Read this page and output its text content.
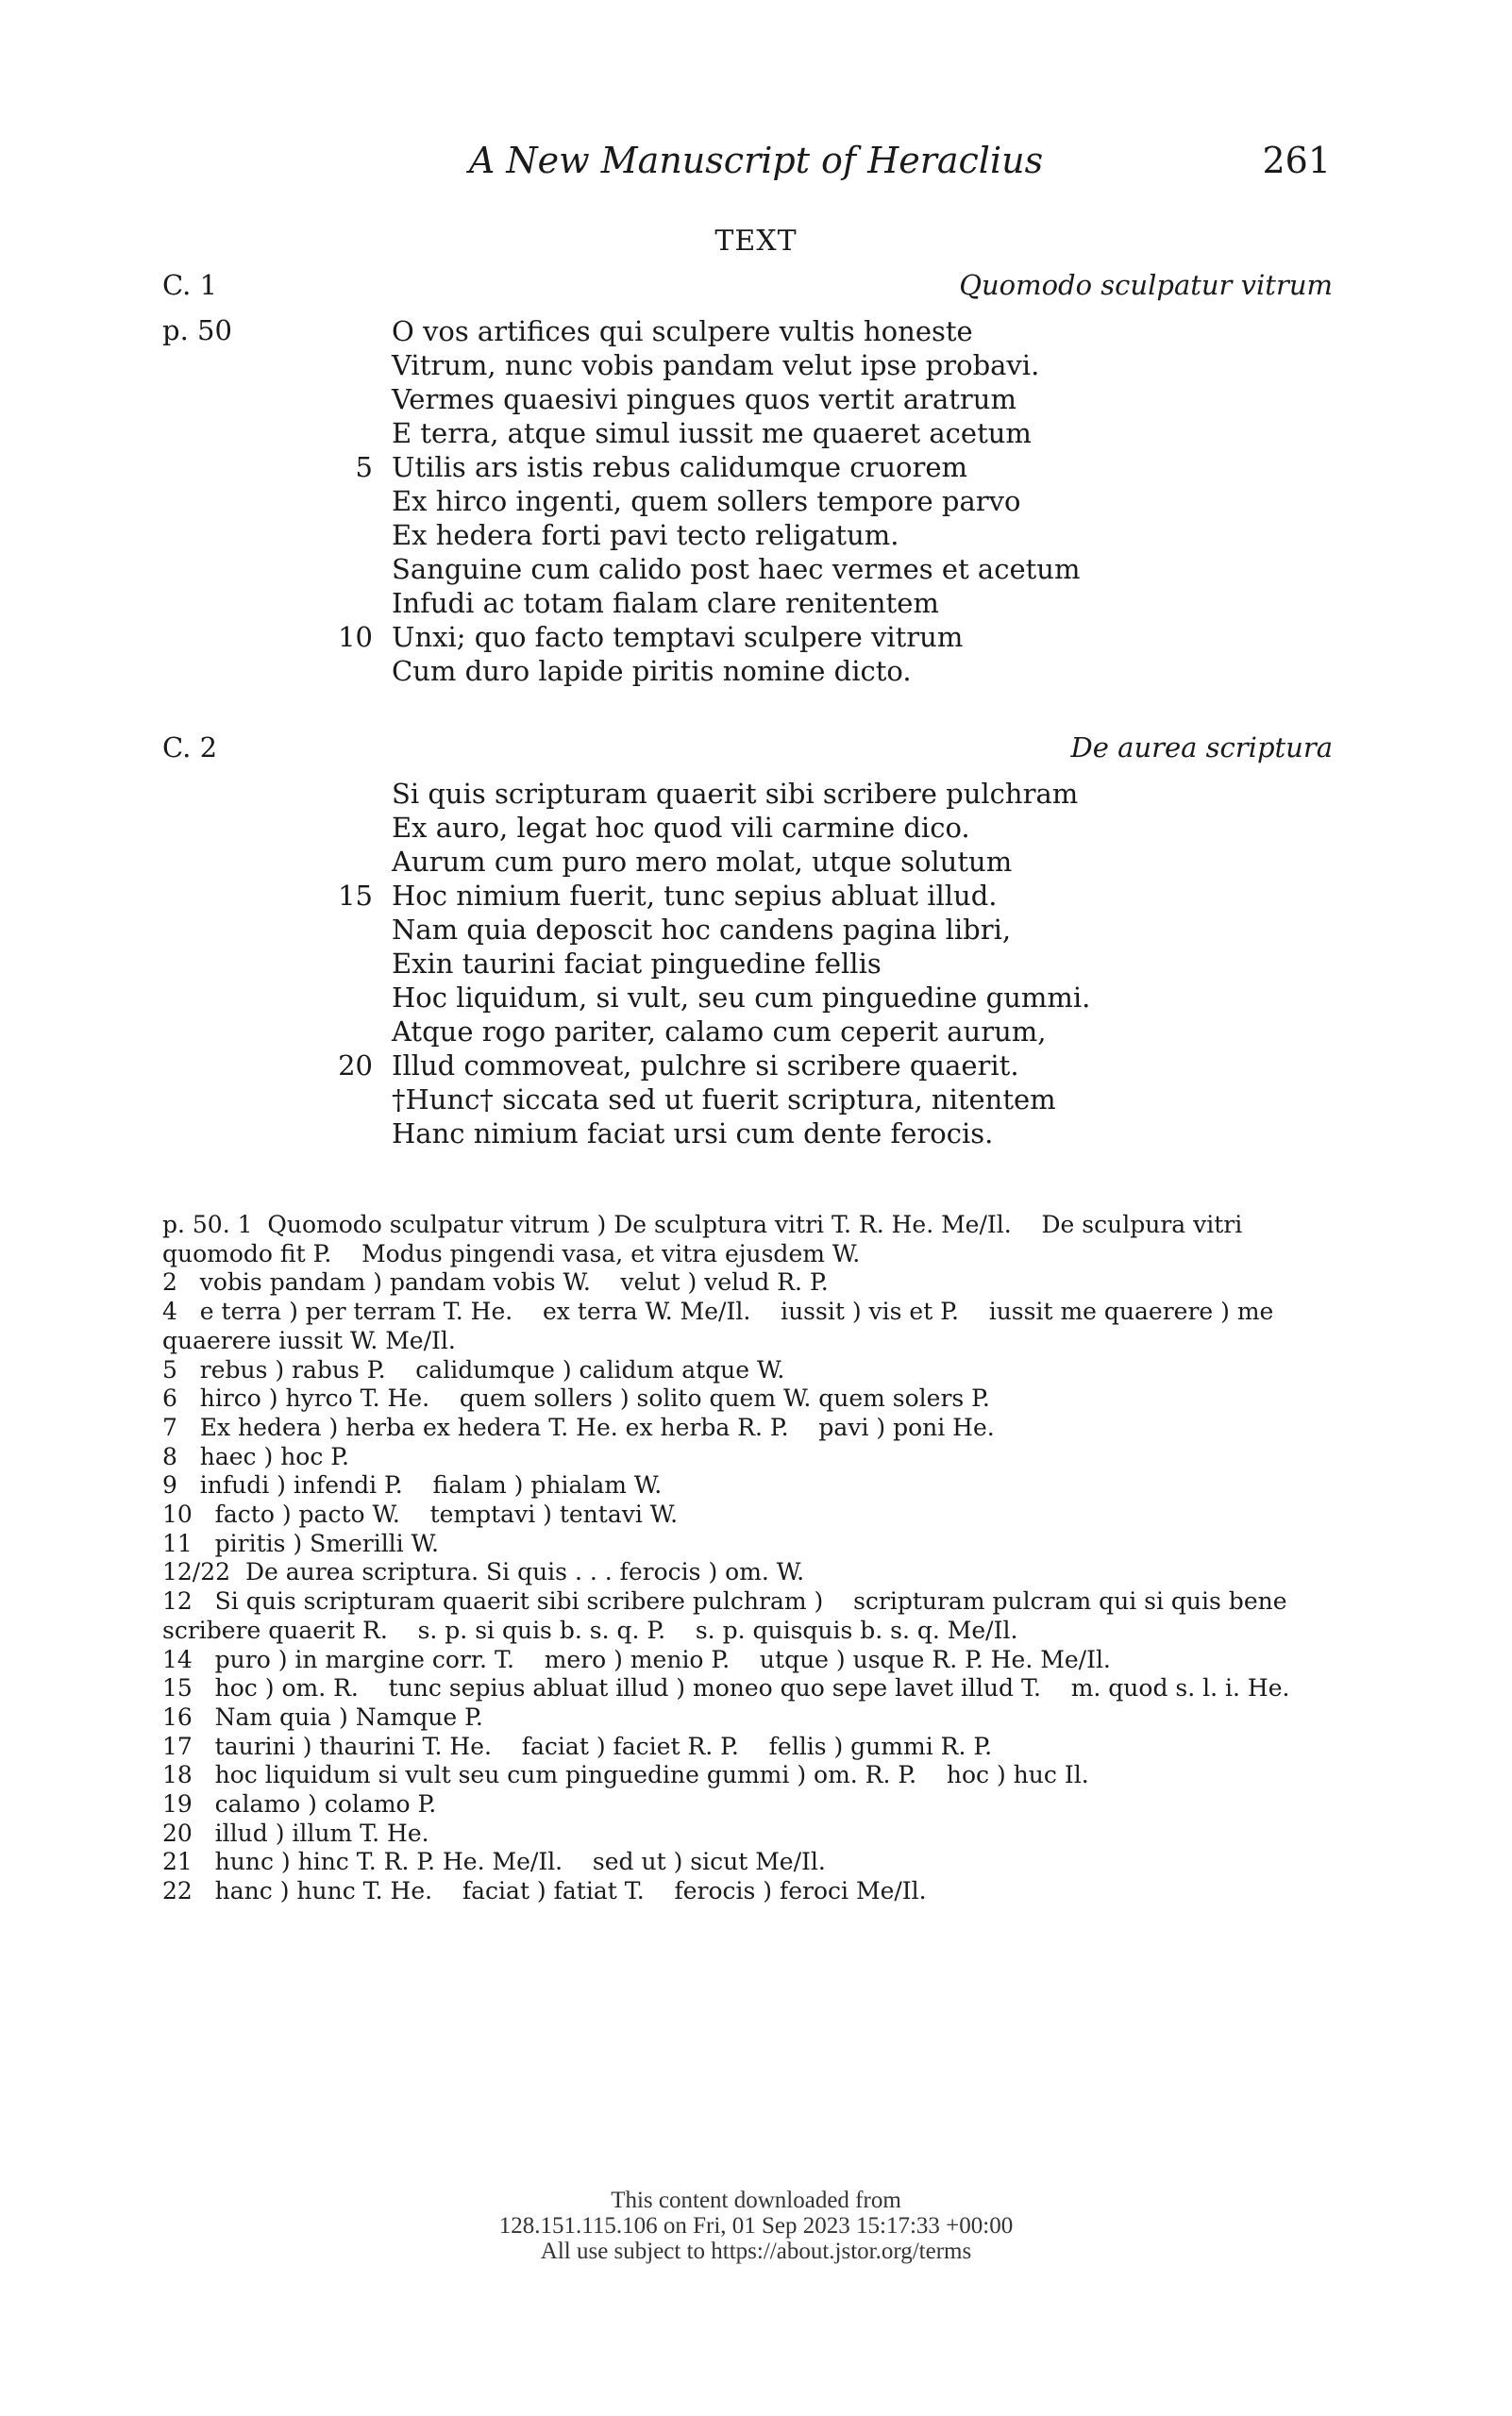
A New Manuscript of Heraclius	261
TEXT
C. 1	Quomodo sculpatur vitrum
p. 50	O vos artifices qui sculpere vultis honeste
Vitrum, nunc vobis pandam velut ipse probavi.
Vermes quaesivi pingues quos vertit aratrum
E terra, atque simul iussit me quaeret acetum
5 Utilis ars istis rebus calidumque cruorem
Ex hirco ingenti, quem sollers tempore parvo
Ex hedera forti pavi tecto religatum.
Sanguine cum calido post haec vermes et acetum
Infudi ac totam fialam clare renitentem
10 Unxi; quo facto temptavi sculpere vitrum
Cum duro lapide piritis nomine dicto.
C. 2	De aurea scriptura
Si quis scripturam quaerit sibi scribere pulchram
Ex auro, legat hoc quod vili carmine dico.
Aurum cum puro mero molat, utque solutum
15 Hoc nimium fuerit, tunc sepius abluat illud.
Nam quia deposcit hoc candens pagina libri,
Exin taurini faciat pinguedine fellis
Hoc liquidum, si vult, seu cum pinguedine gummi.
Atque rogo pariter, calamo cum ceperit aurum,
20 Illud commoveat, pulchre si scribere quaerit.
†Hunc† siccata sed ut fuerit scriptura, nitentem
Hanc nimium faciat ursi cum dente ferocis.
p. 50. 1  Quomodo sculpatur vitrum ) De sculptura vitri T. R. He. Me/Il.    De sculpura vitri
quomodo fit P.    Modus pingendi vasa, et vitra ejusdem W.
2   vobis pandam ) pandam vobis W.    velut ) velud R. P.
4   e terra ) per terram T. He.    ex terra W. Me/Il.    iussit ) vis et P.    iussit me quaerere ) me
quaerere iussit W. Me/Il.
5   rebus ) rabus P.    calidumque ) calidum atque W.
6   hirco ) hyrco T. He.    quem sollers ) solito quem W. quem solers P.
7   Ex hedera ) herba ex hedera T. He. ex herba R. P.    pavi ) poni He.
8   haec ) hoc P.
9   infudi ) infendi P.    fialam ) phialam W.
10   facto ) pacto W.    temptavi ) tentavi W.
11   piritis ) Smerilli W.
12/22  De aurea scriptura. Si quis . . . ferocis ) om. W.
12   Si quis scripturam quaerit sibi scribere pulchram )    scripturam pulcram qui si quis bene
scribere quaerit R.    s. p. si quis b. s. q. P.    s. p. quisquis b. s. q. Me/Il.
14   puro ) in margine corr. T.    mero ) menio P.    utque ) usque R. P. He. Me/Il.
15   hoc ) om. R.    tunc sepius abluat illud ) moneo quo sepe lavet illud T.    m. quod s. l. i. He.
16   Nam quia ) Namque P.
17   taurini ) thaurini T. He.    faciat ) faciet R. P.    fellis ) gummi R. P.
18   hoc liquidum si vult seu cum pinguedine gummi ) om. R. P.    hoc ) huc Il.
19   calamo ) colamo P.
20   illud ) illum T. He.
21   hunc ) hinc T. R. P. He. Me/Il.    sed ut ) sicut Me/Il.
22   hanc ) hunc T. He.    faciat ) fatiat T.    ferocis ) feroci Me/Il.
This content downloaded from
128.151.115.106 on Fri, 01 Sep 2023 15:17:33 +00:00
All use subject to https://about.jstor.org/terms
